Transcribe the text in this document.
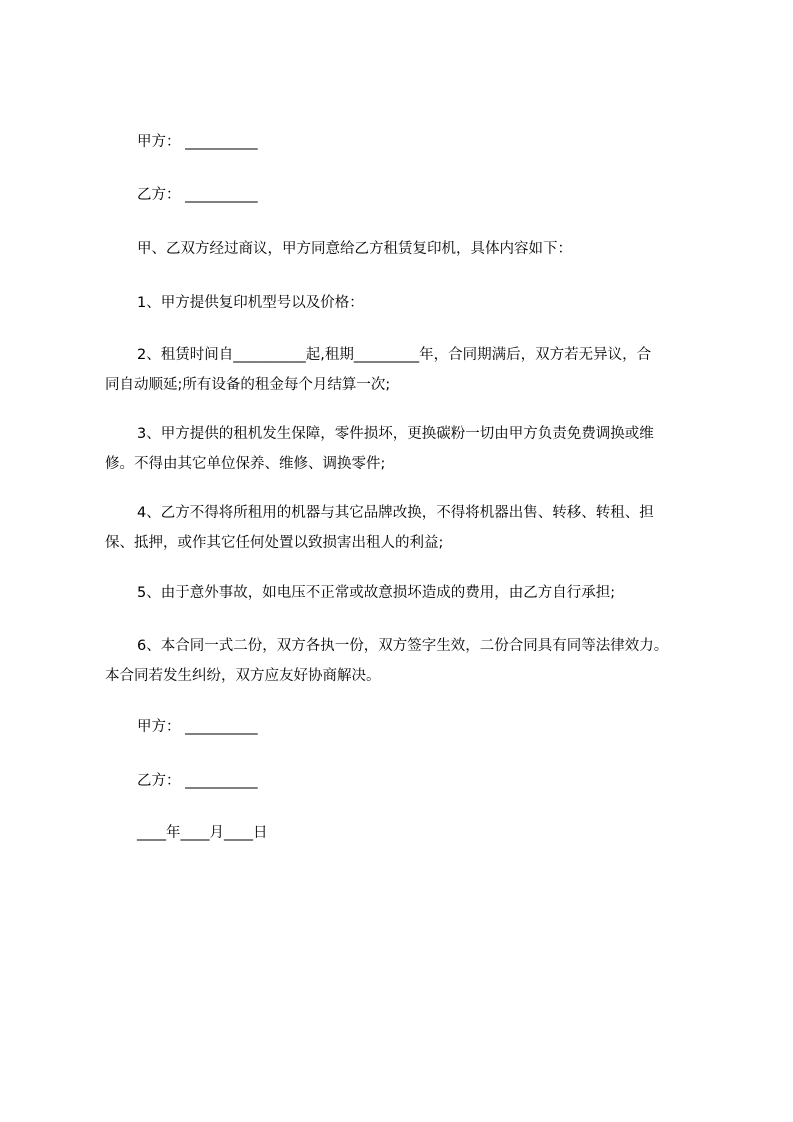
甲方： __________
乙方： __________
甲、乙双方经过商议，甲方同意给乙方租赁复印机，具体内容如下：
1、甲方提供复印机型号以及价格：
2、租赁时间自__________起,租期_________年，合同期满后，双方若无异议，合
同自动顺延;所有设备的租金每个月结算一次;
3、甲方提供的租机发生保障，零件损坏，更换碳粉一切由甲方负责免费调换或维
修。不得由其它单位保养、维修、调换零件;
4、乙方不得将所租用的机器与其它品牌改换，不得将机器出售、转移、转租、担
保、抵押，或作其它任何处置以致损害出租人的利益;
5、由于意外事故，如电压不正常或故意损坏造成的费用，由乙方自行承担;
6、本合同一式二份，双方各执一份，双方签字生效，二份合同具有同等法律效力。
本合同若发生纠纷，双方应友好协商解决。
甲方： __________
乙方： __________
____年____月____日
